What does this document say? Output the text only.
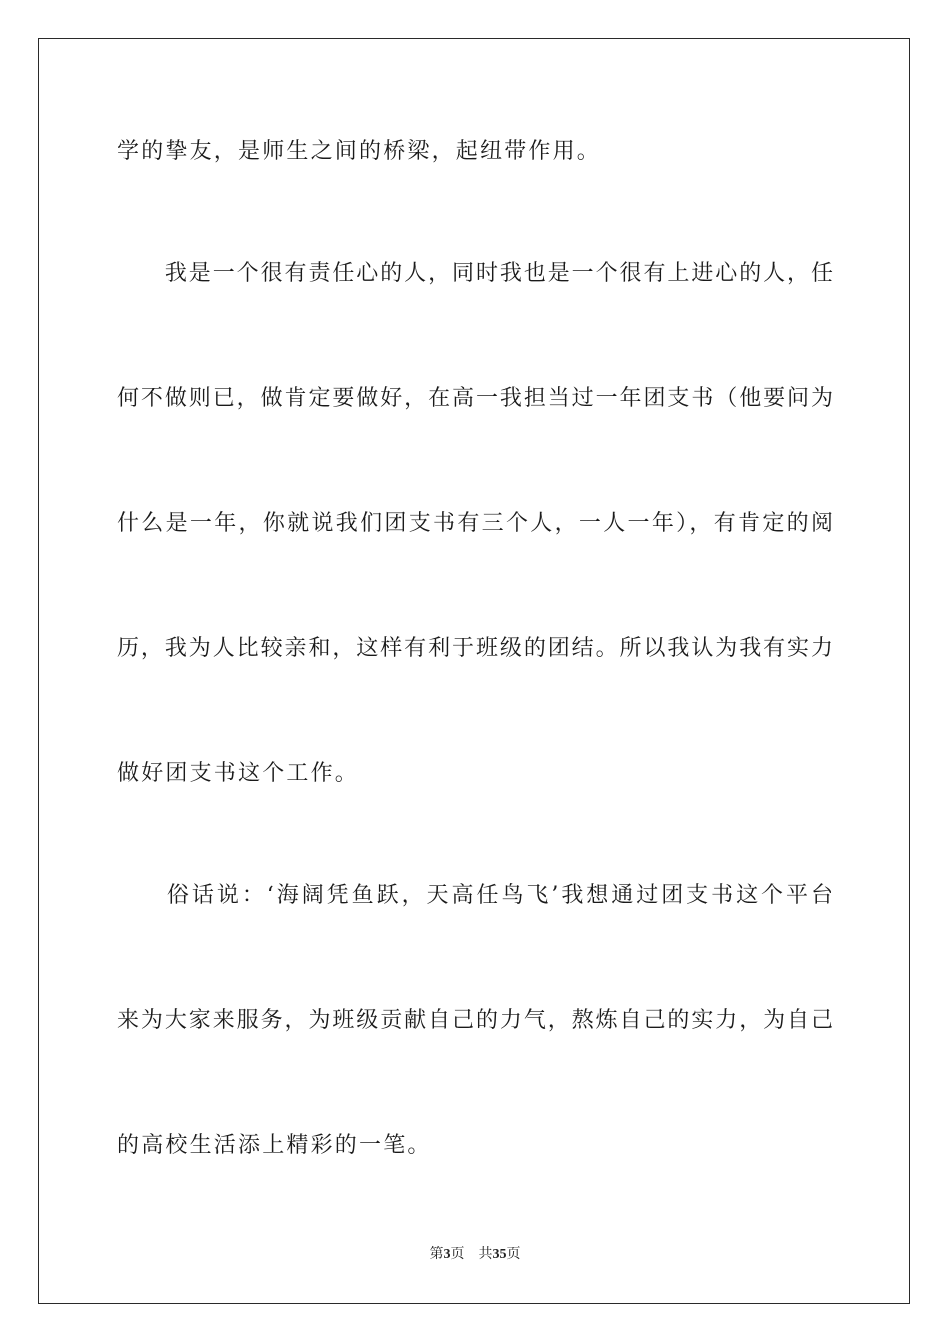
学的挚友，是师生之间的桥梁，起纽带作用。
　　我是一个很有责任心的人，同时我也是一个很有上进心的人，任
何不做则已，做肯定要做好，在高一我担当过一年团支书（他要问为
什么是一年，你就说我们团支书有三个人，一人一年），有肯定的阅
历，我为人比较亲和，这样有利于班级的团结。所以我认为我有实力
做好团支书这个工作。
　　俗话说：‘海阔凭鱼跃，天高任鸟飞’我想通过团支书这个平台
来为大家来服务，为班级贡献自己的力气，熬炼自己的实力，为自己
的高校生活添上精彩的一笔。
第3页 共35页
